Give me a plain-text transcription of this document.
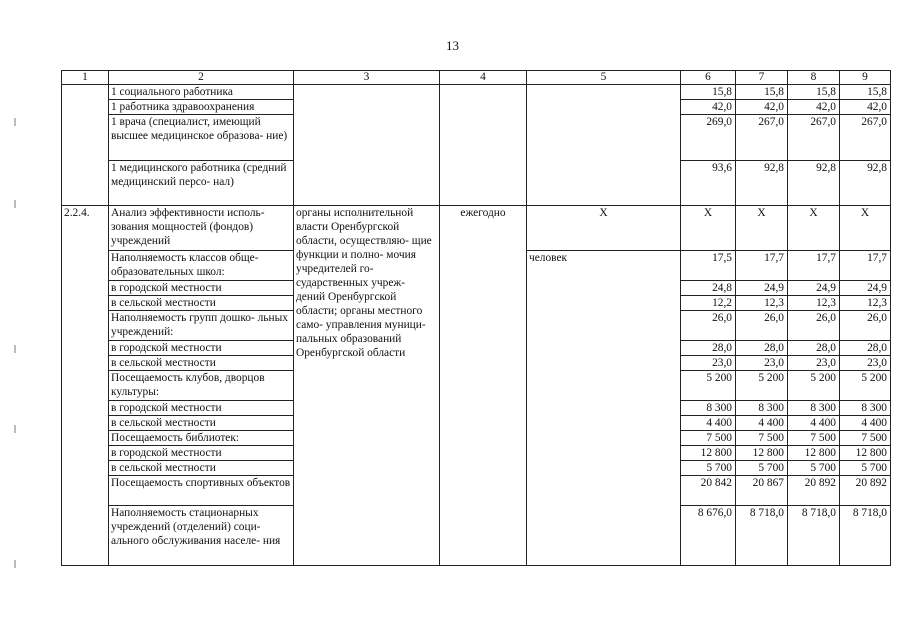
13
1	2	3	4	5	6	7	8	9
	1 социального работника				15,8	15,8	15,8	15,8
	1 работника здравоохранения				42,0	42,0	42,0	42,0
	1 врача (специалист, имеющий высшее медицинское образова- ние)				269,0	267,0	267,0	267,0
	1 медицинского работника (средний медицинский персо- нал)				93,6	92,8	92,8	92,8
2.2.4.	Анализ эффективности исполь- зования мощностей (фондов) учреждений	органы исполнительной власти Оренбургской области, осуществляю- щие функции и полно- мочия учредителей го- сударственных учреж- дений Оренбургской области; органы местного само- управления муници- пальных образований Оренбургской области	ежегодно	X	X	X	X	X
	Наполняемость классов обще- образовательных школ:			человек	17,5	17,7	17,7	17,7
	в городской местности				24,8	24,9	24,9	24,9
	в сельской местности				12,2	12,3	12,3	12,3
	Наполняемость групп дошко- льных учреждений:				26,0	26,0	26,0	26,0
	в городской местности				28,0	28,0	28,0	28,0
	в сельской местности				23,0	23,0	23,0	23,0
	Посещаемость клубов, дворцов культуры:				5 200	5 200	5 200	5 200
	в городской местности				8 300	8 300	8 300	8 300
	в сельской местности				4 400	4 400	4 400	4 400
	Посещаемость библиотек:				7 500	7 500	7 500	7 500
	в городской местности				12 800	12 800	12 800	12 800
	в сельской местности				5 700	5 700	5 700	5 700
	Посещаемость спортивных объектов				20 842	20 867	20 892	20 892
	Наполняемость стационарных учреждений (отделений) соци- ального обслуживания населе- ния				8 676,0	8 718,0	8 718,0	8 718,0
